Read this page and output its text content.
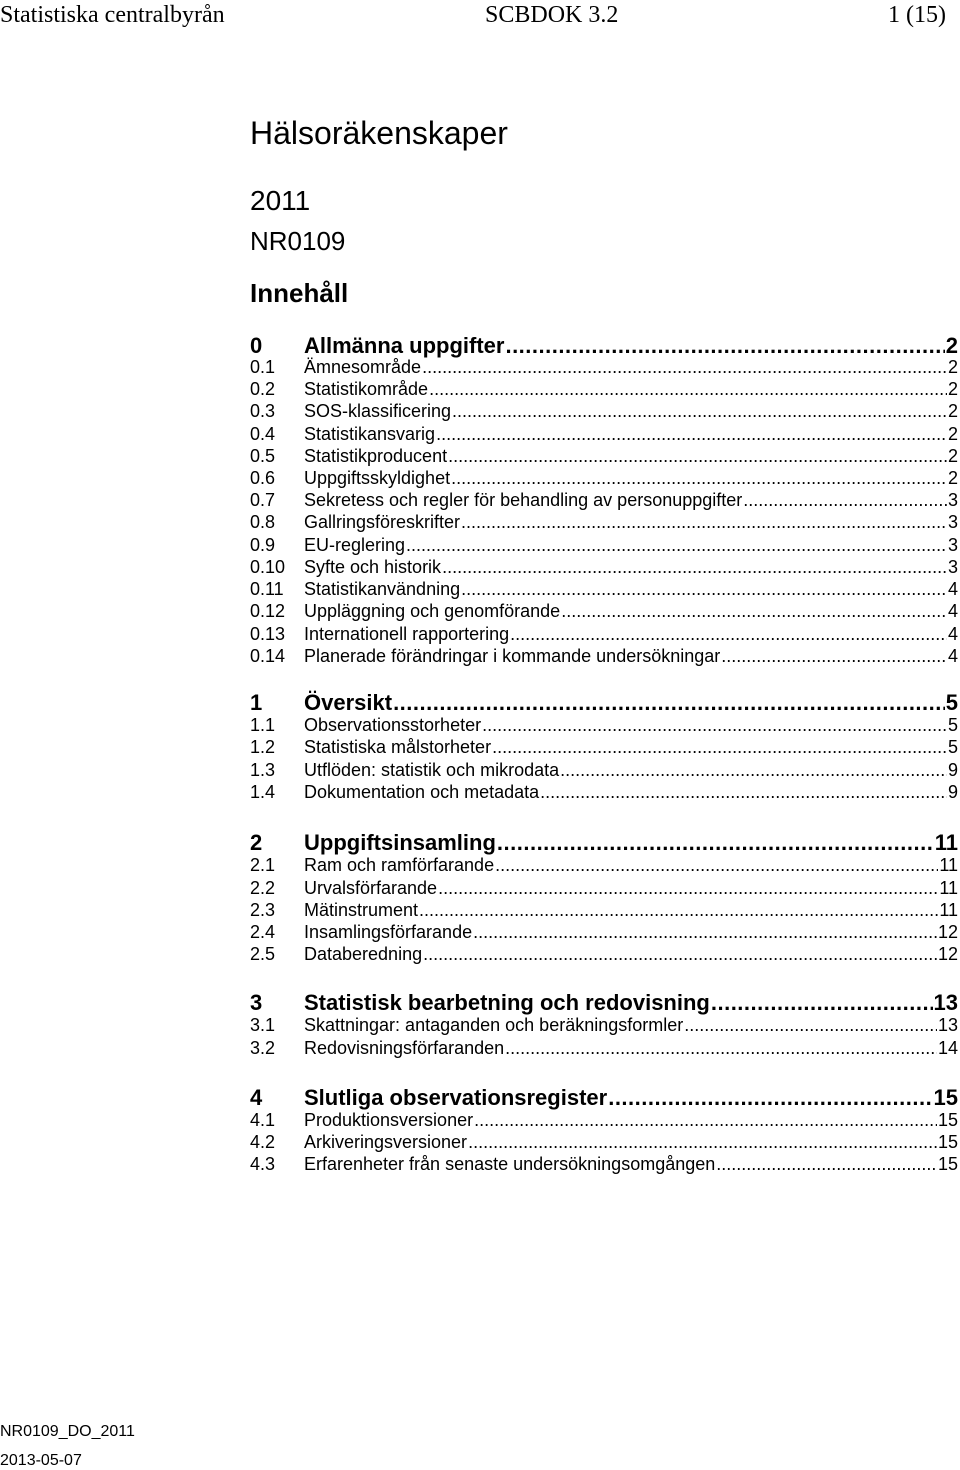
Statistiska centralbyrån	SCBDOK 3.2	1 (15)
Hälsoräkenskaper
2011
NR0109
Innehåll
0	Allmänna uppgifter .....	2
0.1	Ämnesområde .....	2
0.2	Statistikområde .....	2
0.3	SOS-klassificering .....	2
0.4	Statistikansvarig .....	2
0.5	Statistikproducent .....	2
0.6	Uppgiftsskyldighet .....	2
0.7	Sekretess och regler för behandling av personuppgifter .....	3
0.8	Gallringsföreskrifter .....	3
0.9	EU-reglering .....	3
0.10	Syfte och historik .....	3
0.11	Statistikanvändning .....	4
0.12	Uppläggning och genomförande .....	4
0.13	Internationell rapportering .....	4
0.14	Planerade förändringar i kommande undersökningar .....	4
1	Översikt .....	5
1.1	Observationsstorheter .....	5
1.2	Statistiska målstorheter .....	5
1.3	Utflöden: statistik och mikrodata .....	9
1.4	Dokumentation och metadata .....	9
2	Uppgiftsinsamling .....	11
2.1	Ram och ramförfarande .....	11
2.2	Urvalsförfarande .....	11
2.3	Mätinstrument .....	11
2.4	Insamlingsförfarande .....	12
2.5	Databeredning .....	12
3	Statistisk bearbetning och redovisning .....	13
3.1	Skattningar: antaganden och beräkningsformler .....	13
3.2	Redovisningsförfaranden .....	14
4	Slutliga observationsregister .....	15
4.1	Produktionsversioner .....	15
4.2	Arkiveringsversioner .....	15
4.3	Erfarenheter från senaste undersökningsomgången .....	15
NR0109_DO_2011
2013-05-07
